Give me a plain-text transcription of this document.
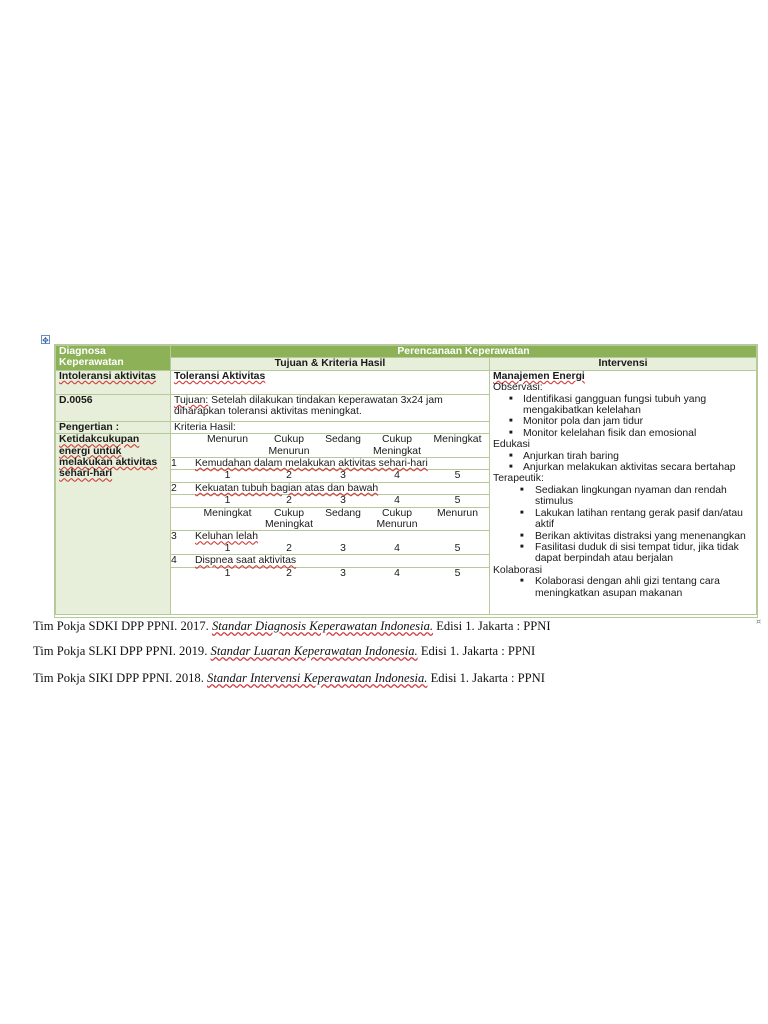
✥
Diagnosa Keperawatan	Perencanaan Keperawatan
Tujuan & Kriteria Hasil	Intervensi
Intoleransi aktivitas	Toleransi Aktivitas	Manajemen Energi
Observasi:
■ Identifikasi gangguan fungsi tubuh yang mengakibatkan kelelahan
■ Monitor pola dan jam tidur
■ Monitor kelelahan fisik dan emosional
Edukasi
■ Anjurkan tirah baring
■ Anjurkan melakukan aktivitas secara bertahap
Terapeutik:
■ Sediakan lingkungan nyaman dan rendah stimulus
■ Lakukan latihan rentang gerak pasif dan/atau aktif
■ Berikan aktivitas distraksi yang menenangkan
■ Fasilitasi duduk di sisi tempat tidur, jika tidak dapat berpindah atau berjalan
Kolaborasi
■ Kolaborasi dengan ahli gizi tentang cara meningkatkan asupan makanan

D.0056	Tujuan: Setelah dilakukan tindakan keperawatan 3x24 jam diharapkan toleransi aktivitas meningkat.
Pengertian :	Kriteria Hasil:
Ketidakcukupan energi untuk melakukan aktivitas sehari-hari	
	Menurun	Cukup Menurun	Sedang	Cukup Meningkat	Meningkat
1	Kemudahan dalam melakukan aktivitas sehari-hari
	1	2	3	4	5
2	Kekuatan tubuh bagian atas dan bawah
	1	2	3	4	5
	Meningkat	Cukup Meningkat	Sedang	Cukup Menurun	Menurun
3	Keluhan lelah
	1	2	3	4	5
4	Dispnea saat aktivitas
	1	2	3	4	5
¤
Tim Pokja SDKI DPP PPNI. 2017. Standar Diagnosis Keperawatan Indonesia. Edisi 1. Jakarta : PPNI
Tim Pokja SLKI DPP PPNI. 2019. Standar Luaran Keperawatan Indonesia. Edisi 1. Jakarta : PPNI
Tim Pokja SIKI DPP PPNI. 2018. Standar Intervensi Keperawatan Indonesia. Edisi 1. Jakarta : PPNI
